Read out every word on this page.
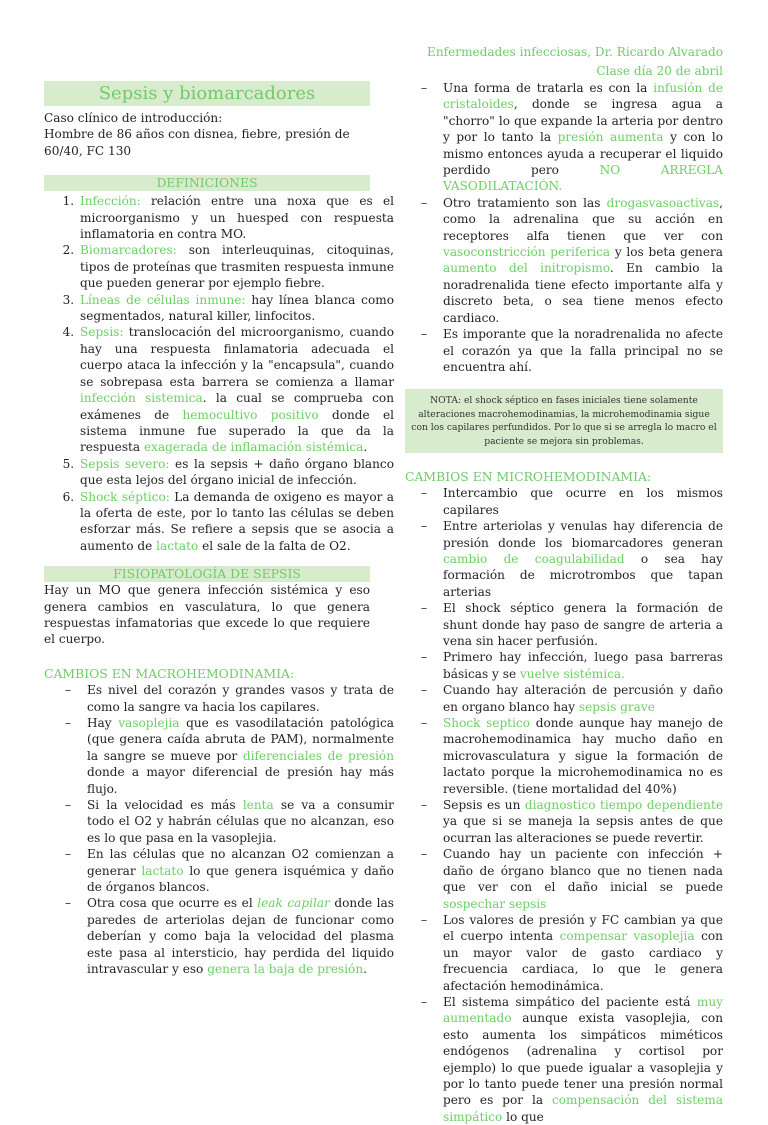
Enfermedades infecciosas, Dr. Ricardo Alvarado
Clase día 20 de abril
Sepsis y biomarcadores

Caso clínico de introducción:

Hombre de 86 años con disnea, fiebre, presión de 60/40, FC 130

DEFINICIONES
1. Infección: relación entre una noxa que es el microorganismo y un huesped con respuesta inflamatoria en contra MO.
2. Biomarcadores: son interleuquinas, citoquinas, tipos de proteínas que trasmiten respuesta inmune que pueden generar por ejemplo fiebre.
3. Líneas de células inmune: hay línea blanca como segmentados, natural killer, linfocitos.
4. Sepsis: translocación del microorganismo, cuando hay una respuesta finlamatoria adecuada el cuerpo ataca la infección y la "encapsula", cuando se sobrepasa esta barrera se comienza a llamar infección sistemica. la cual se comprueba con exámenes de hemocultivo positivo donde el sistema inmune fue superado la que da la respuesta exagerada de inflamación sistémica.
5. Sepsis severo: es la sepsis + daño órgano blanco que esta lejos del órgano inicial de infección.
6. Shock séptico: La demanda de oxigeno es mayor a la oferta de este, por lo tanto las células se deben esforzar más. Se refiere a sepsis que se asocia a aumento de lactato el sale de la falta de O2.
FISIOPATOLOGÍA DE SEPSIS

Hay un MO que genera infección sistémica y eso genera cambios en vasculatura, lo que genera respuestas infamatorias que excede lo que requiere el cuerpo.

CAMBIOS EN MACROHEMODINAMIA:

– Es nivel del corazón y grandes vasos y trata de como la sangre va hacia los capilares.
– Hay vasoplejia que es vasodilatación patológica (que genera caída abruta de PAM), normalmente la sangre se mueve por diferenciales de presión donde a mayor diferencial de presión hay más flujo.
– Si la velocidad es más lenta se va a consumir todo el O2 y habrán células que no alcanzan, eso es lo que pasa en la vasoplejia.
– En las células que no alcanzan O2 comienzan a generar lactato lo que genera isquémica y daño de órganos blancos.
– Otra cosa que ocurre es el leak capilar donde las paredes de arteriolas dejan de funcionar como deberían y como baja la velocidad del plasma este pasa al intersticio, hay perdida del liquido intravascular y eso genera la baja de presión.
– Una forma de tratarla es con la infusión de cristaloides, donde se ingresa agua a "chorro" lo que expande la arteria por dentro y por lo tanto la presión aumenta y con lo mismo entonces ayuda a recuperar el liquido perdido pero	NO ARREGLA VASODILATACIÓN.
– Otro tratamiento son las drogasvasoactivas, como la adrenalina que su acción en receptores alfa tienen que ver con vasoconstricción periferica y los beta genera aumento del initropismo. En cambio la noradrenalida tiene efecto importante alfa y discreto beta, o sea tiene menos efecto cardiaco.
– Es imporante que la noradrenalida no afecte el corazón ya que la falla principal no se encuentra ahí.
NOTA: el shock séptico en fases iniciales tiene solamente alteraciones macrohemodinamias, la microhemodinamia sigue con los capilares perfundidos. Por lo que si se arregla lo macro el paciente se mejora sin problemas.

CAMBIOS EN MICROHEMODINAMIA:

– Intercambio que ocurre en los mismos capilares
– Entre arteriolas y venulas hay diferencia de presión donde los biomarcadores generan cambio de coagulabilidad o sea hay formación de microtrombos que tapan arterias
– El shock séptico genera la formación de shunt donde hay paso de sangre de arteria a vena sin hacer perfusión.
– Primero hay infección, luego pasa barreras básicas y se vuelve sistémica.
– Cuando hay alteración de percusión y daño en organo blanco hay sepsis grave
– Shock septico donde aunque hay manejo de macrohemodinamica hay mucho daño en microvasculatura y sigue la formación de lactato porque la microhemodinamica no es reversible. (tiene mortalidad del 40%)
– Sepsis es un diagnostico tiempo dependiente ya que si se maneja la sepsis antes de que ocurran las alteraciones se puede revertir.
– Cuando hay un paciente con infección + daño de órgano blanco que no tienen nada que ver con el daño inicial se puede sospechar sepsis
– Los valores de presión y FC cambian ya que el cuerpo intenta compensar vasoplejia con un mayor valor de gasto cardiaco y frecuencia cardiaca, lo que le genera afectación hemodinámica.
– El sistema simpático del paciente está muy aumentado aunque exista vasoplejia, con esto aumenta los simpáticos miméticos endógenos (adrenalina y cortisol por ejemplo) lo que puede igualar a vasoplejia y por lo tanto puede tener una presión normal pero es por la compensación del sistema simpático lo que
